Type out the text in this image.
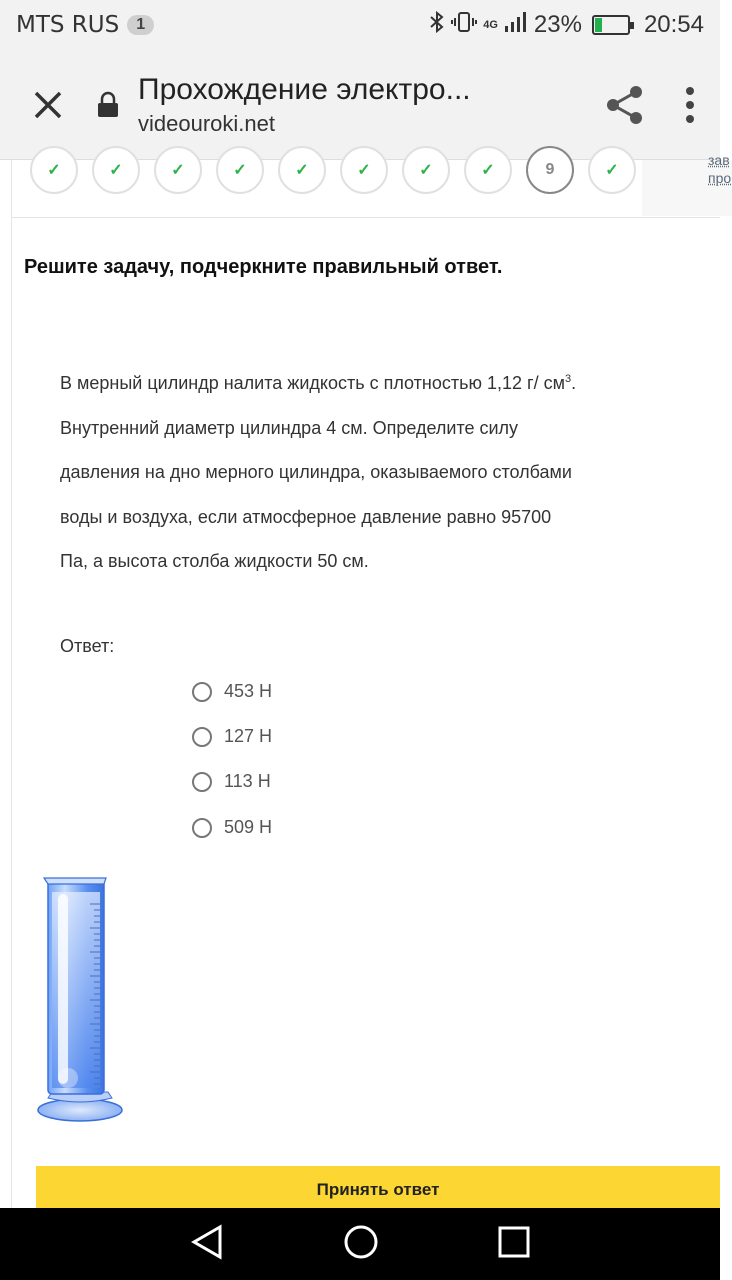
MTS RUS	1	4G 23%	20:54
Прохождение электро...
videouroki.net
✓	✓	✓	✓	✓	✓	✓	✓	9	✓
зав
про
Решите задачу, подчеркните правильный ответ.
В мерный цилиндр налита жидкость с плотностью 1,12 г/ $см^3$. Внутренний диаметр цилиндра 4 см. Определите силу давления на дно мерного цилиндра, оказываемого столбами воды и воздуха, если атмосферное давление равно 95700 Па, а высота столба жидкости 50 см.
Ответ:
453 Н
127 Н
113 Н
509 Н
Принять ответ
